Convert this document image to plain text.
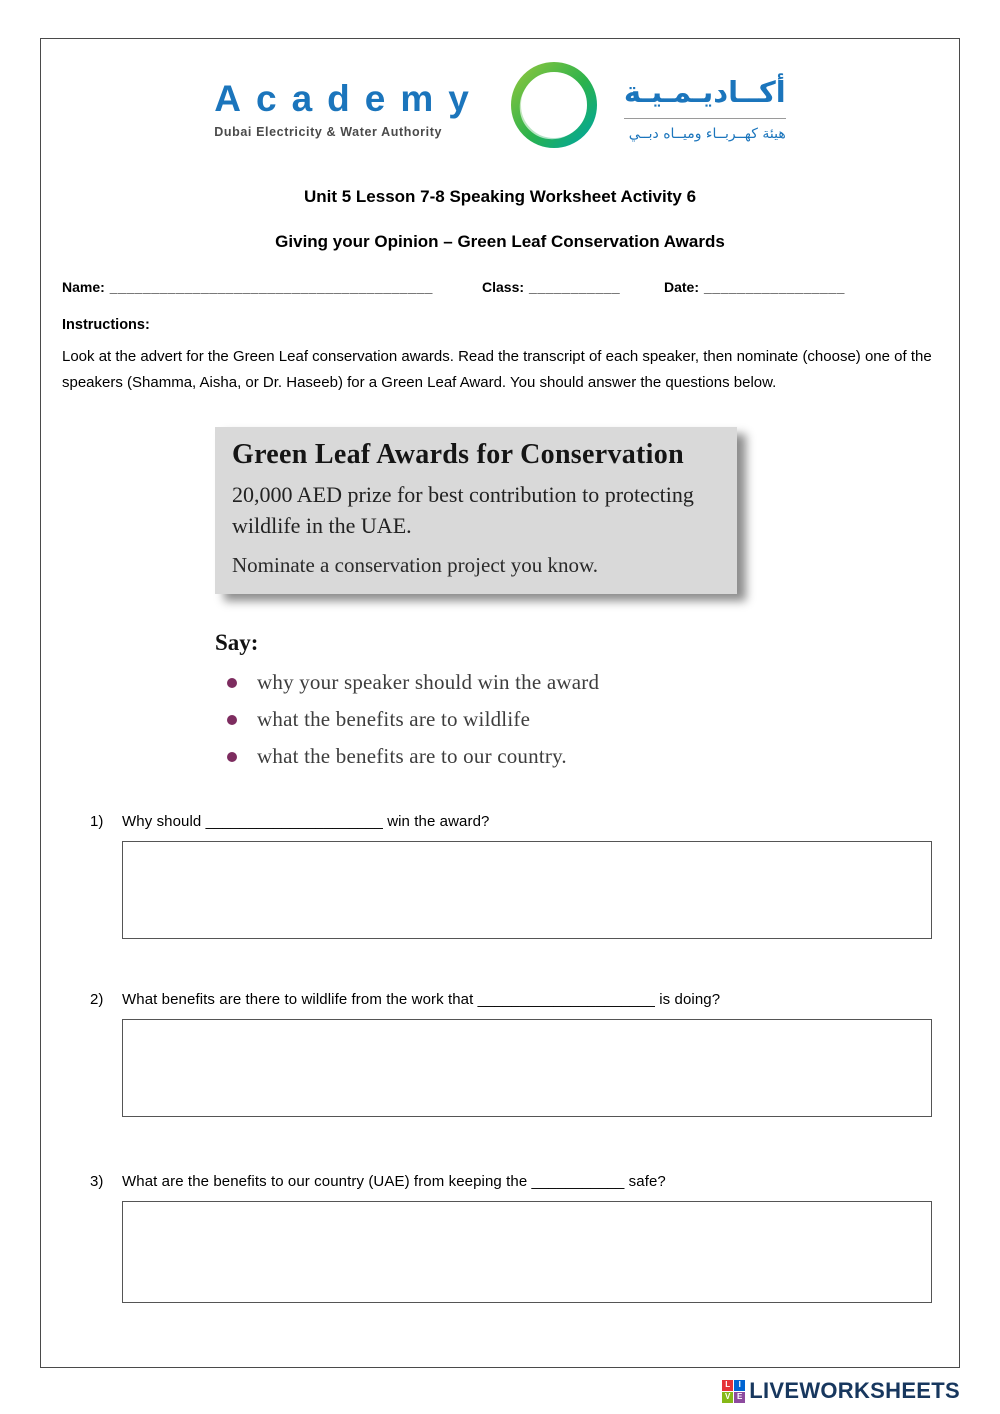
Academy
Dubai Electricity & Water Authority
أكــاديـمـيـة
هيئة كهــربــاء وميــاه دبــي
Unit 5 Lesson 7-8 Speaking Worksheet Activity 6
Giving your Opinion – Green Leaf Conservation Awards
Name: _______________________________________	Class: ___________	Date: _________________
Instructions:

Look at the advert for the Green Leaf conservation awards. Read the transcript of each speaker, then nominate (choose) one of the speakers (Shamma, Aisha, or Dr. Haseeb) for a Green Leaf Award. You should answer the questions below.

Green Leaf Awards for Conservation
20,000 AED prize for best contribution to protecting wildlife in the UAE.
Nominate a conservation project you know.
Say:
why your speaker should win the award
what the benefits are to wildlife
what the benefits are to our country.
1)	Why should _____________________ win the award?
2)	What benefits are there to wildlife from the work that _____________________ is doing?
3)	What are the benefits to our country (UAE) from keeping the ___________ safe?
L	I
V E LIVEWORKSHEETS
